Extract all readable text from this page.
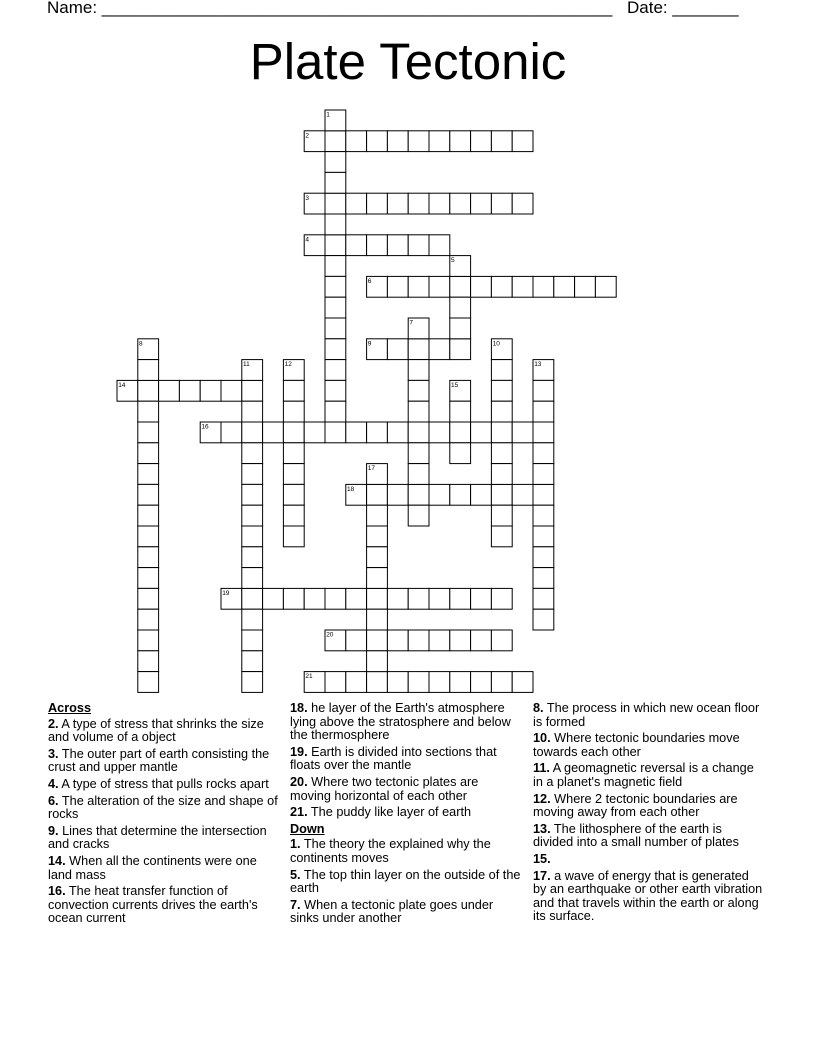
Name: ______________________________________________________ Date: _______
Plate Tectonic
2
3
4
6
9
14
16
18
19
20
21
1
5
7
8	10
11	12	13
15
17
Across
2. A type of stress that shrinks the size and volume of a object
3. The outer part of earth consisting the crust and upper mantle
4. A type of stress that pulls rocks apart
6. The alteration of the size and shape of rocks
9. Lines that determine the intersection and cracks
14. When all the continents were one land mass
16. The heat transfer function of convection currents drives the earth's ocean current
18. he layer of the Earth's atmosphere lying above the stratosphere and below the thermosphere
19. Earth is divided into sections that floats over the mantle
20. Where two tectonic plates are moving horizontal of each other
21. The puddy like layer of earth
Down
1. The theory the explained why the continents moves
5. The top thin layer on the outside of the earth
7. When a tectonic plate goes under sinks under another
8. The process in which new ocean floor is formed
10. Where tectonic boundaries move towards each other
11. A geomagnetic reversal is a change in a planet's magnetic field
12. Where 2 tectonic boundaries are moving away from each other
13. The lithosphere of the earth is divided into a small number of plates
15.
17. a wave of energy that is generated by an earthquake or other earth vibration and that travels within the earth or along its surface.
